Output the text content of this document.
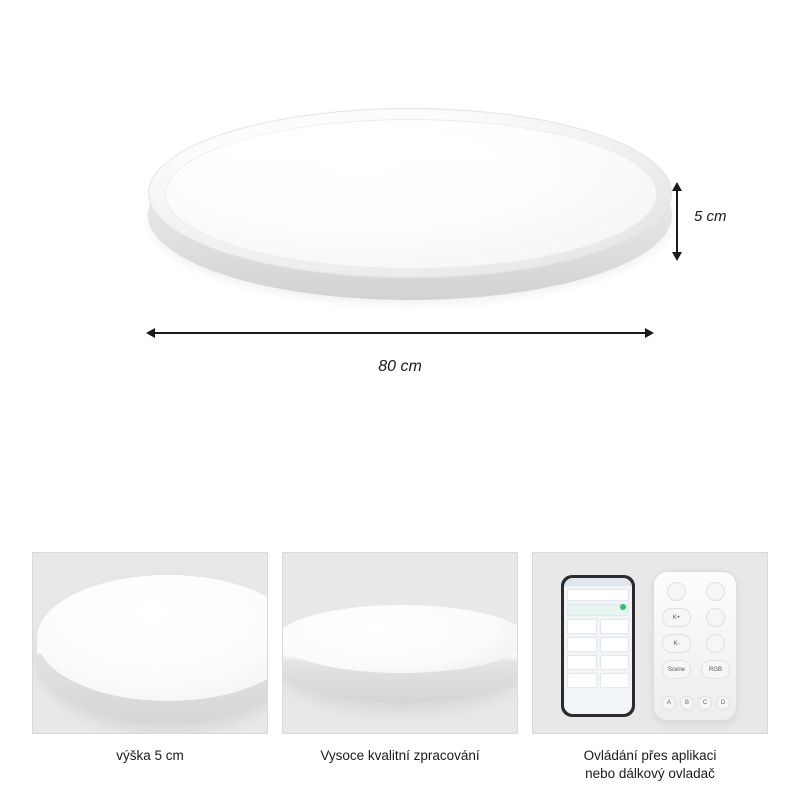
5 cm
80 cm
výška 5 cm	Vysoce kvalitní zpracování
K+
K-
Scene	RGB
A	B	C	D
Ovládání přes aplikaci
nebo dálkový ovladač
